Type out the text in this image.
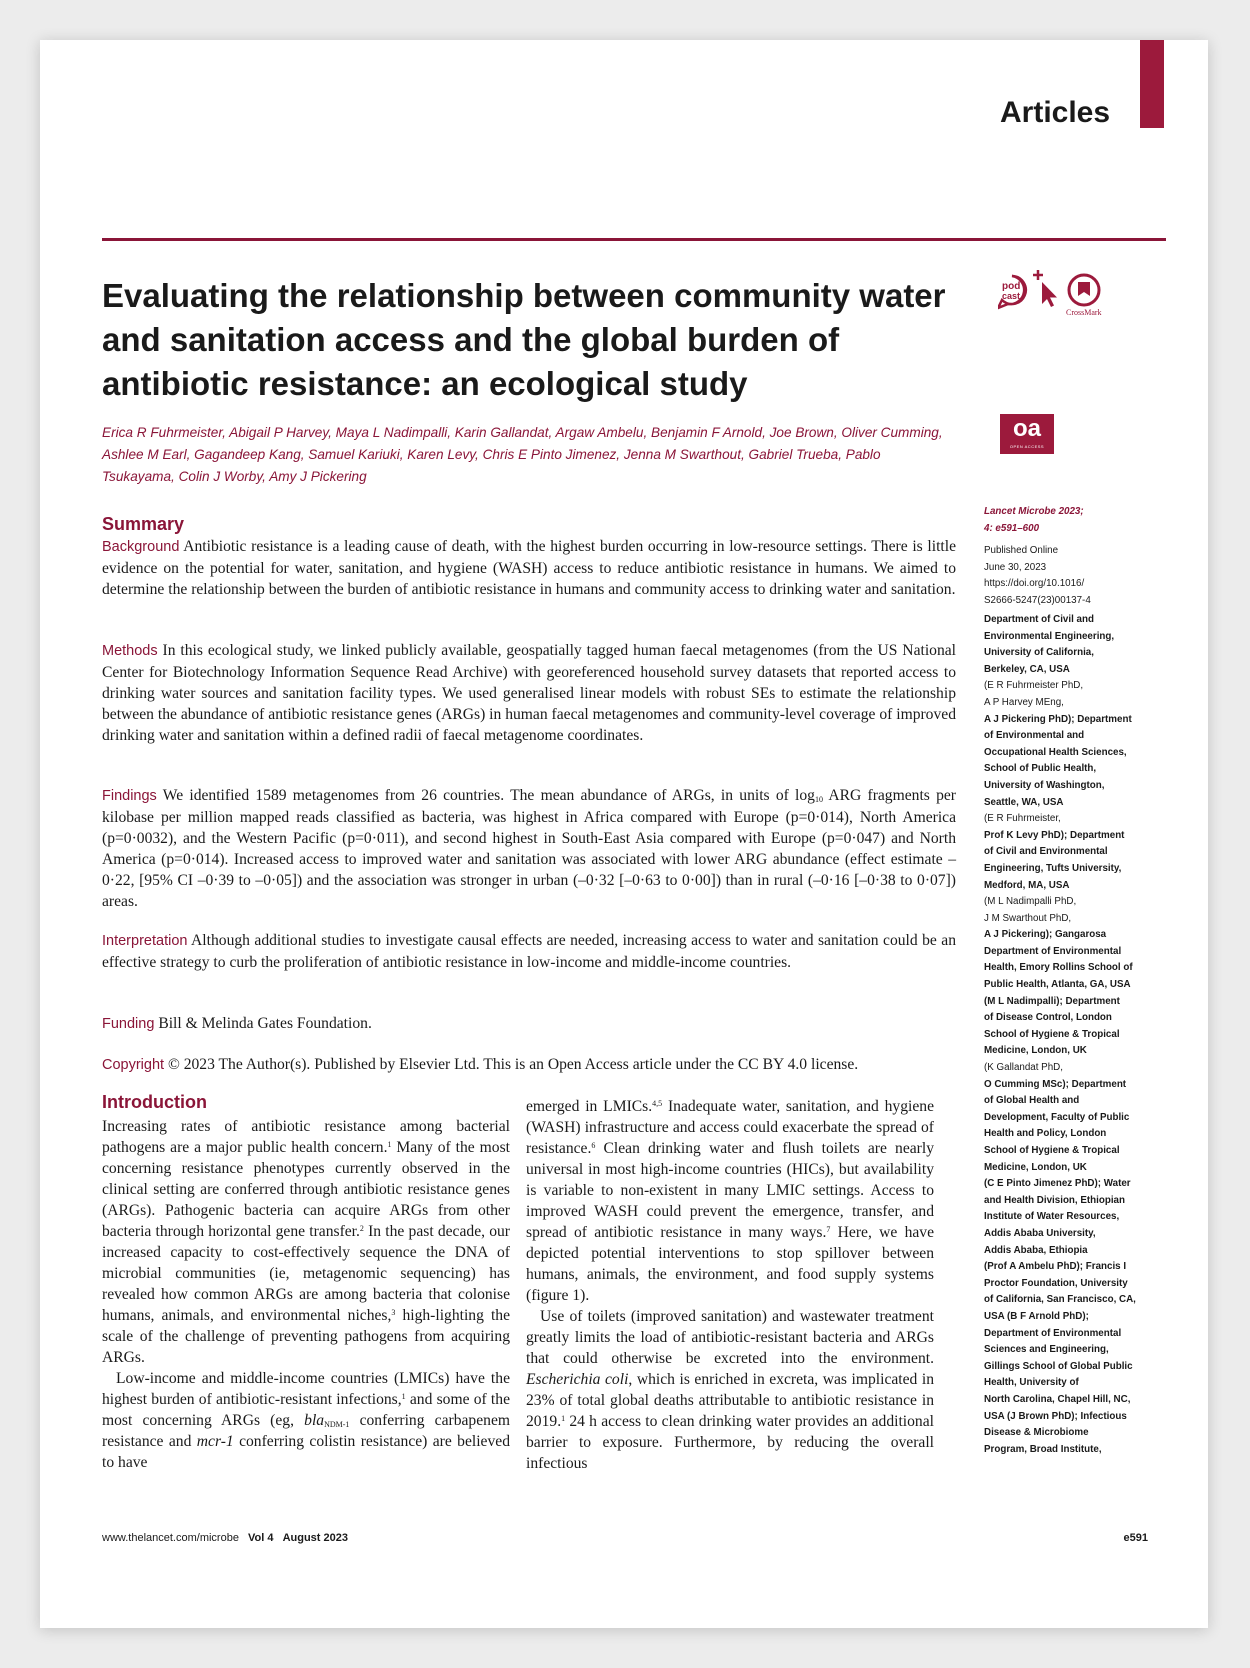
Articles
Evaluating the relationship between community water and sanitation access and the global burden of antibiotic resistance: an ecological study
pod
cast
CrossMark
oa
OPEN ACCESS
Erica R Fuhrmeister, Abigail P Harvey, Maya L Nadimpalli, Karin Gallandat, Argaw Ambelu, Benjamin F Arnold, Joe Brown, Oliver Cumming, Ashlee M Earl, Gagandeep Kang, Samuel Kariuki, Karen Levy, Chris E Pinto Jimenez, Jenna M Swarthout, Gabriel Trueba, Pablo Tsukayama, Colin J Worby, Amy J Pickering
Summary
Background Antibiotic resistance is a leading cause of death, with the highest burden occurring in low-resource settings. There is little evidence on the potential for water, sanitation, and hygiene (WASH) access to reduce antibiotic resistance in humans. We aimed to determine the relationship between the burden of antibiotic resistance in humans and community access to drinking water and sanitation.
Methods In this ecological study, we linked publicly available, geospatially tagged human faecal metagenomes (from the US National Center for Biotechnology Information Sequence Read Archive) with georeferenced household survey datasets that reported access to drinking water sources and sanitation facility types. We used generalised linear models with robust SEs to estimate the relationship between the abundance of antibiotic resistance genes (ARGs) in human faecal metagenomes and community-level coverage of improved drinking water and sanitation within a defined radii of faecal metagenome coordinates.
Findings We identified 1589 metagenomes from 26 countries. The mean abundance of ARGs, in units of $\log_{10}$ ARG fragments per kilobase per million mapped reads classified as bacteria, was highest in Africa compared with Europe (p=0·014), North America (p=0·0032), and the Western Pacific (p=0·011), and second highest in South-East Asia compared with Europe (p=0·047) and North America (p=0·014). Increased access to improved water and sanitation was associated with lower ARG abundance (effect estimate –0·22, [95% CI –0·39 to –0·05]) and the association was stronger in urban (–0·32 [–0·63 to 0·00]) than in rural (–0·16 [–0·38 to 0·07]) areas.
Interpretation Although additional studies to investigate causal effects are needed, increasing access to water and sanitation could be an effective strategy to curb the proliferation of antibiotic resistance in low-income and middle-income countries.
Funding Bill & Melinda Gates Foundation.
Copyright © 2023 The Author(s). Published by Elsevier Ltd. This is an Open Access article under the CC BY 4.0 license.
Introduction

Increasing rates of antibiotic resistance among bacterial pathogens are a major public health concern.$^1$ Many of the most concerning resistance phenotypes currently observed in the clinical setting are conferred through antibiotic resistance genes (ARGs). Pathogenic bacteria can acquire ARGs from other bacteria through horizontal gene transfer.$^2$ In the past decade, our increased capacity to cost-effectively sequence the DNA of microbial communities (ie, metagenomic sequencing) has revealed how common ARGs are among bacteria that colonise humans, animals, and environmental niches,$^3$ high-lighting the scale of the challenge of preventing pathogens from acquiring ARGs.

Low-income and middle-income countries (LMICs) have the highest burden of antibiotic-resistant infections,$^1$ and some of the most concerning ARGs (eg, bla$_{NDM-1}$ conferring carbapenem resistance and mcr-1 conferring colistin resistance) are believed to have

emerged in LMICs.$^{4,5}$ Inadequate water, sanitation, and hygiene (WASH) infrastructure and access could exacerbate the spread of resistance.$^6$ Clean drinking water and flush toilets are nearly universal in most high-income countries (HICs), but availability is variable to non-existent in many LMIC settings. Access to improved WASH could prevent the emergence, transfer, and spread of antibiotic resistance in many ways.$^7$ Here, we have depicted potential interventions to stop spillover between humans, animals, the environment, and food supply systems (figure 1).

Use of toilets (improved sanitation) and wastewater treatment greatly limits the load of antibiotic-resistant bacteria and ARGs that could otherwise be excreted into the environment. Escherichia coli, which is enriched in excreta, was implicated in 23% of total global deaths attributable to antibiotic resistance in 2019.$^1$ 24 h access to clean drinking water provides an additional barrier to exposure. Furthermore, by reducing the overall infectious

Lancet Microbe 2023;
4: e591–600
Published Online
June 30, 2023
https://doi.org/10.1016/
S2666-5247(23)00137-4
Department of Civil and
Environmental Engineering,
University of California,
Berkeley, CA, USA
(E R Fuhrmeister PhD,
A P Harvey MEng,
A J Pickering PhD); Department
of Environmental and
Occupational Health Sciences,
School of Public Health,
University of Washington,
Seattle, WA, USA
(E R Fuhrmeister,
Prof K Levy PhD); Department
of Civil and Environmental
Engineering, Tufts University,
Medford, MA, USA
(M L Nadimpalli PhD,
J M Swarthout PhD,
A J Pickering); Gangarosa
Department of Environmental
Health, Emory Rollins School of
Public Health, Atlanta, GA, USA
(M L Nadimpalli); Department
of Disease Control, London
School of Hygiene & Tropical
Medicine, London, UK
(K Gallandat PhD,
O Cumming MSc); Department
of Global Health and
Development, Faculty of Public
Health and Policy, London
School of Hygiene & Tropical
Medicine, London, UK
(C E Pinto Jimenez PhD); Water
and Health Division, Ethiopian
Institute of Water Resources,
Addis Ababa University,
Addis Ababa, Ethiopia
(Prof A Ambelu PhD); Francis I
Proctor Foundation, University
of California, San Francisco, CA,
USA (B F Arnold PhD);
Department of Environmental
Sciences and Engineering,
Gillings School of Global Public
Health, University of
North Carolina, Chapel Hill, NC,
USA (J Brown PhD); Infectious
Disease & Microbiome
Program, Broad Institute,
www.thelancet.com/microbe Vol 4 August 2023	e591
